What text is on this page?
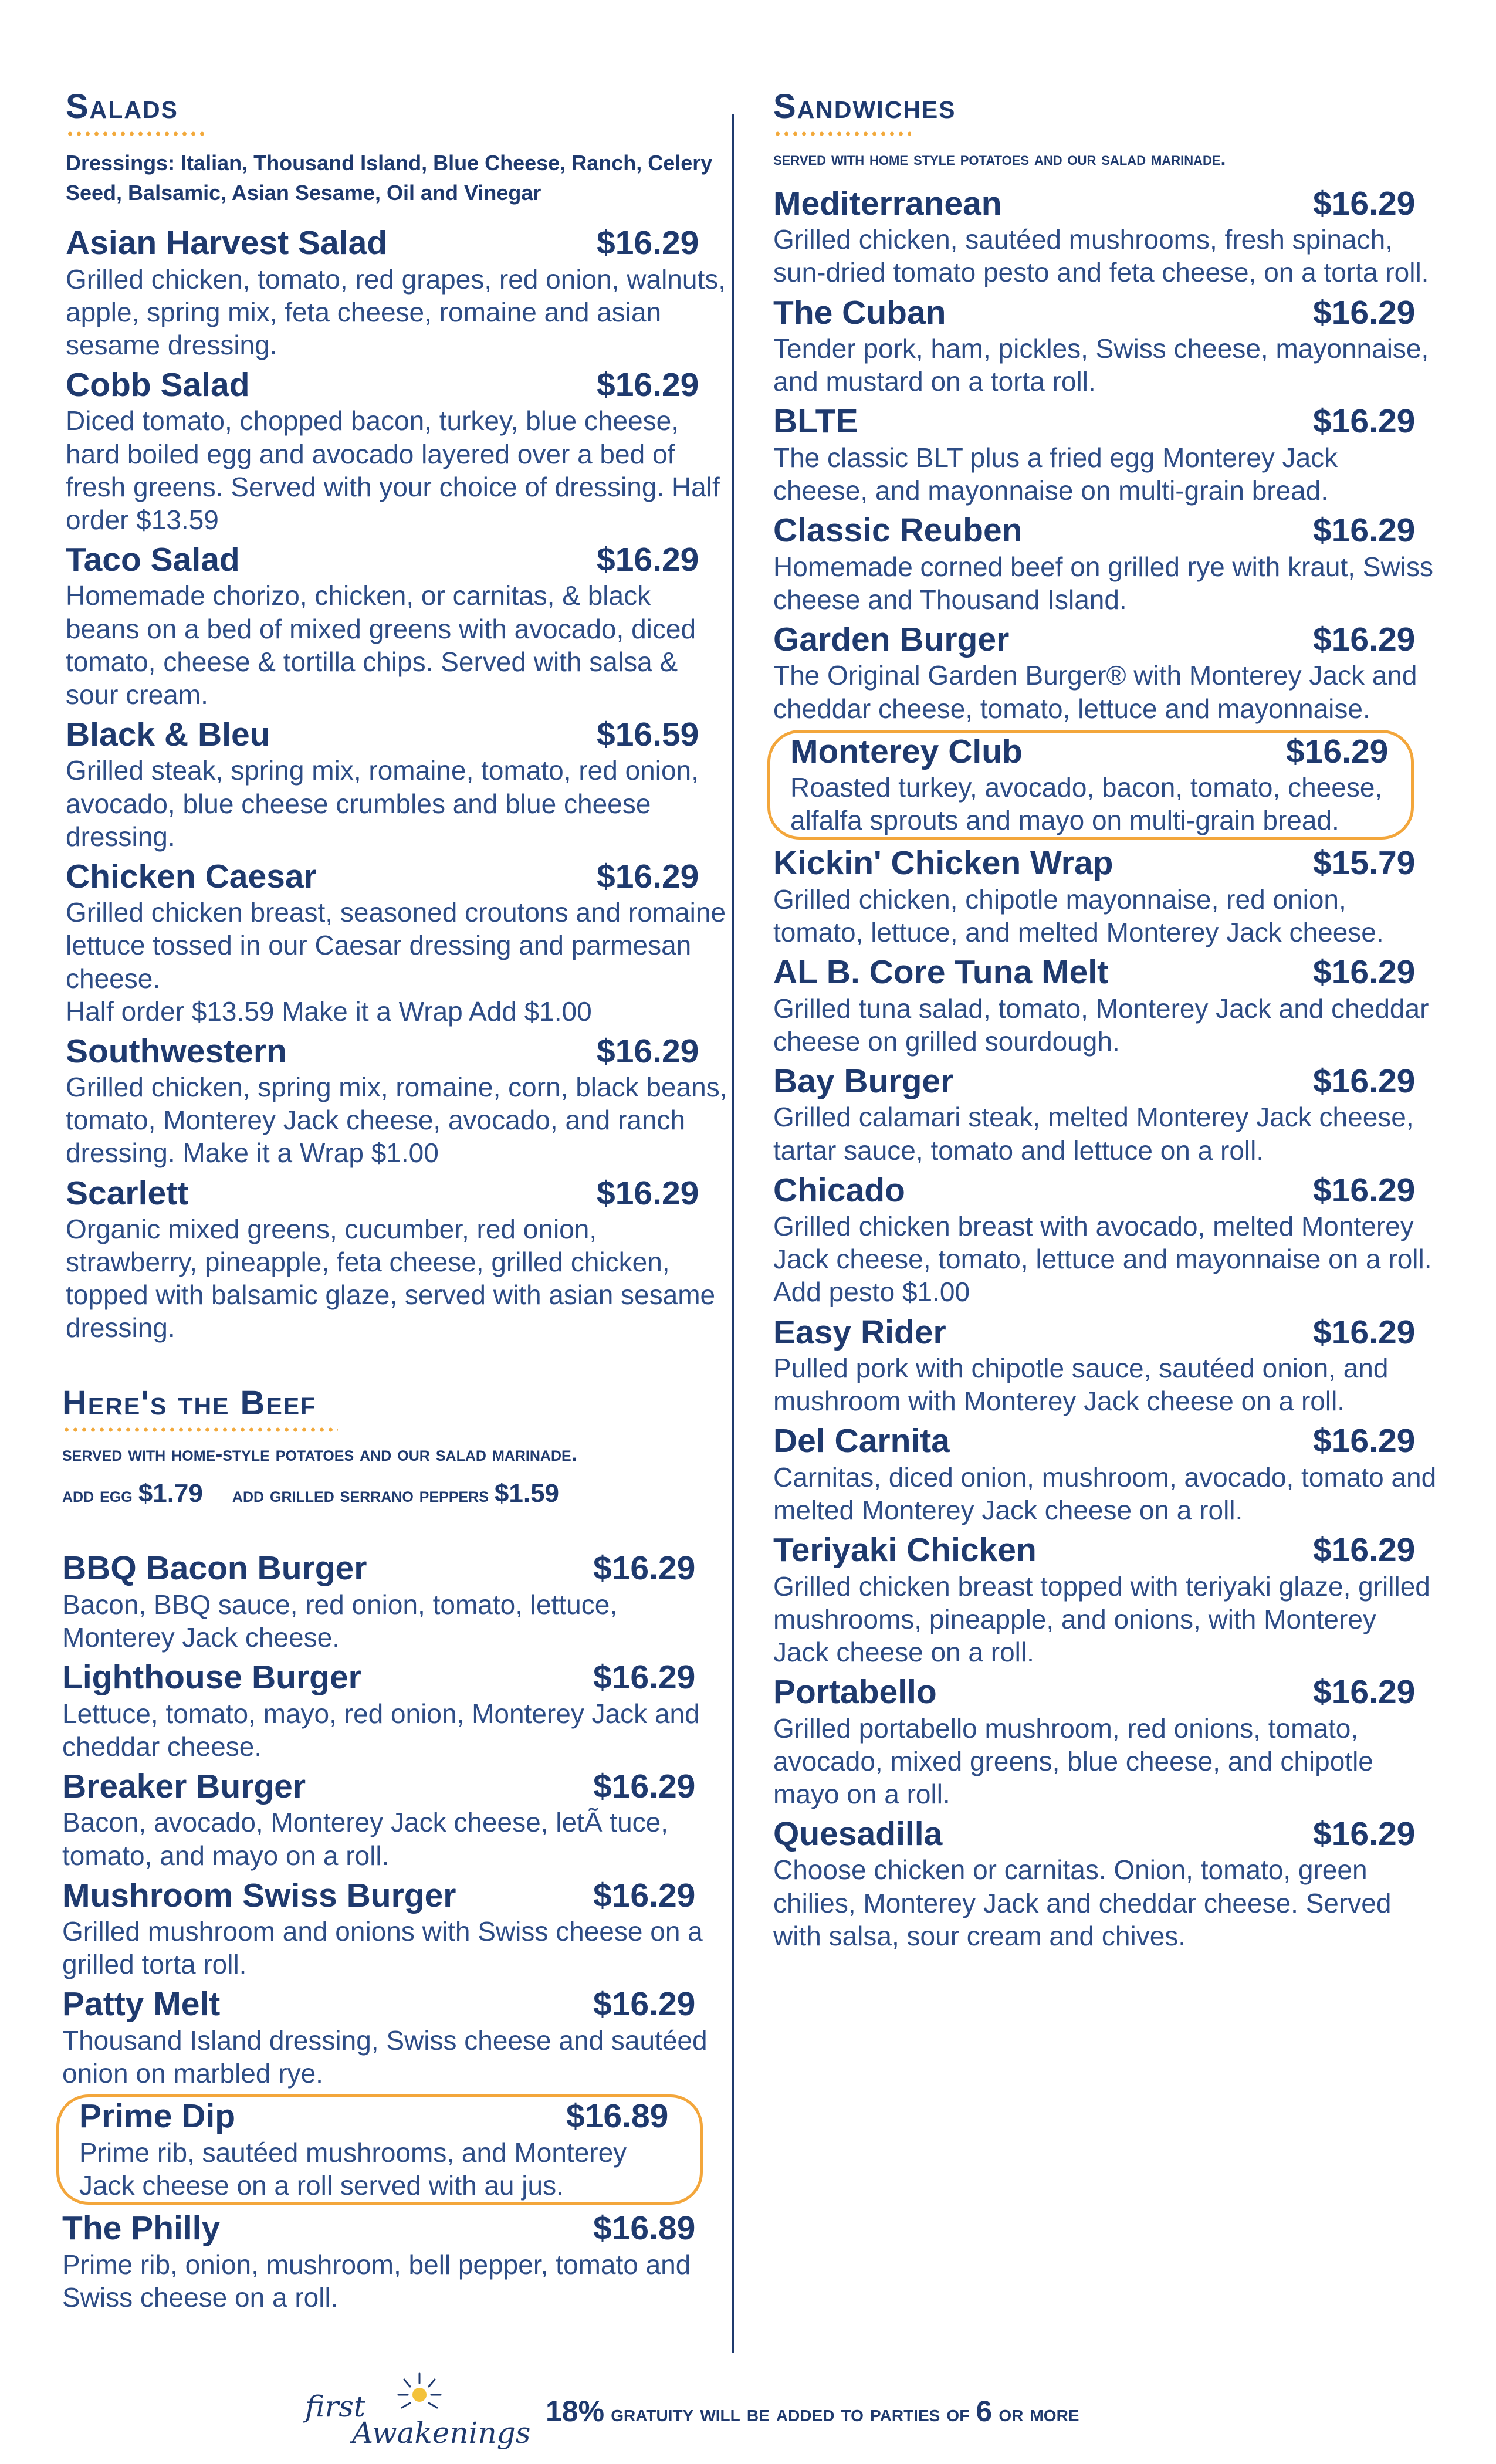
Salads
Dressings: Italian, Thousand Island, Blue Cheese, Ranch, Celery Seed, Balsamic, Asian Sesame, Oil and Vinegar
Asian Harvest Salad	$16.29
Grilled chicken, tomato, red grapes, red onion, walnuts, apple, spring mix, feta cheese, romaine and asian sesame dressing.
Cobb Salad	$16.29
Diced tomato, chopped bacon, turkey, blue cheese, hard boiled egg and avocado layered over a bed of fresh greens. Served with your choice of dressing. Half order $13.59
Taco Salad	$16.29
Homemade chorizo, chicken, or carnitas, & black beans on a bed of mixed greens with avocado, diced tomato, cheese & tortilla chips. Served with salsa & sour cream.
Black & Bleu	$16.59
Grilled steak, spring mix, romaine, tomato, red onion, avocado, blue cheese crumbles and blue cheese dressing.
Chicken Caesar	$16.29
Grilled chicken breast, seasoned croutons and romaine lettuce tossed in our Caesar dressing and parmesan cheese.
Half order $13.59 Make it a Wrap Add $1.00
Southwestern	$16.29
Grilled chicken, spring mix, romaine, corn, black beans, tomato, Monterey Jack cheese, avocado, and ranch dressing. Make it a Wrap $1.00
Scarlett	$16.29
Organic mixed greens, cucumber, red onion, strawberry, pineapple, feta cheese, grilled chicken, topped with balsamic glaze, served with asian sesame dressing.
Here's the Beef
served with home-style potatoes and our salad marinade.
add egg $1.79 add grilled serrano peppers $1.59
BBQ Bacon Burger	$16.29
Bacon, BBQ sauce, red onion, tomato, lettuce, Monterey Jack cheese.
Lighthouse Burger	$16.29
Lettuce, tomato, mayo, red onion, Monterey Jack and cheddar cheese.
Breaker Burger	$16.29
Bacon, avocado, Monterey Jack cheese, letÃ tuce, tomato, and mayo on a roll.
Mushroom Swiss Burger	$16.29
Grilled mushroom and onions with Swiss cheese on a grilled torta roll.
Patty Melt	$16.29
Thousand Island dressing, Swiss cheese and sautéed onion on marbled rye.
Prime Dip	$16.89
Prime rib, sautéed mushrooms, and Monterey Jack cheese on a roll served with au jus.
The Philly	$16.89
Prime rib, onion, mushroom, bell pepper, tomato and Swiss cheese on a roll.
Sandwiches
served with home style potatoes and our salad marinade.
Mediterranean	$16.29
Grilled chicken, sautéed mushrooms, fresh spinach, sun-dried tomato pesto and feta cheese, on a torta roll.
The Cuban	$16.29
Tender pork, ham, pickles, Swiss cheese, mayonnaise, and mustard on a torta roll.
BLTE	$16.29
The classic BLT plus a fried egg Monterey Jack cheese, and mayonnaise on multi-grain bread.
Classic Reuben	$16.29
Homemade corned beef on grilled rye with kraut, Swiss cheese and Thousand Island.
Garden Burger	$16.29
The Original Garden Burger® with Monterey Jack and cheddar cheese, tomato, lettuce and mayonnaise.
Monterey Club	$16.29
Roasted turkey, avocado, bacon, tomato, cheese, alfalfa sprouts and mayo on multi-grain bread.
Kickin' Chicken Wrap	$15.79
Grilled chicken, chipotle mayonnaise, red onion, tomato, lettuce, and melted Monterey Jack cheese.
AL B. Core Tuna Melt	$16.29
Grilled tuna salad, tomato, Monterey Jack and cheddar cheese on grilled sourdough.
Bay Burger	$16.29
Grilled calamari steak, melted Monterey Jack cheese, tartar sauce, tomato and lettuce on a roll.
Chicado	$16.29
Grilled chicken breast with avocado, melted Monterey Jack cheese, tomato, lettuce and mayonnaise on a roll. Add pesto $1.00
Easy Rider	$16.29
Pulled pork with chipotle sauce, sautéed onion, and mushroom with Monterey Jack cheese on a roll.
Del Carnita	$16.29
Carnitas, diced onion, mushroom, avocado, tomato and melted Monterey Jack cheese on a roll.
Teriyaki Chicken	$16.29
Grilled chicken breast topped with teriyaki glaze, grilled mushrooms, pineapple, and onions, with Monterey Jack cheese on a roll.
Portabello	$16.29
Grilled portabello mushroom, red onions, tomato, avocado, mixed greens, blue cheese, and chipotle mayo on a roll.
Quesadilla	$16.29
Choose chicken or carnitas. Onion, tomato, green chilies, Monterey Jack and cheddar cheese. Served with salsa, sour cream and chives.
first
Awakenings
18% gratuity will be added to parties of 6 or more
